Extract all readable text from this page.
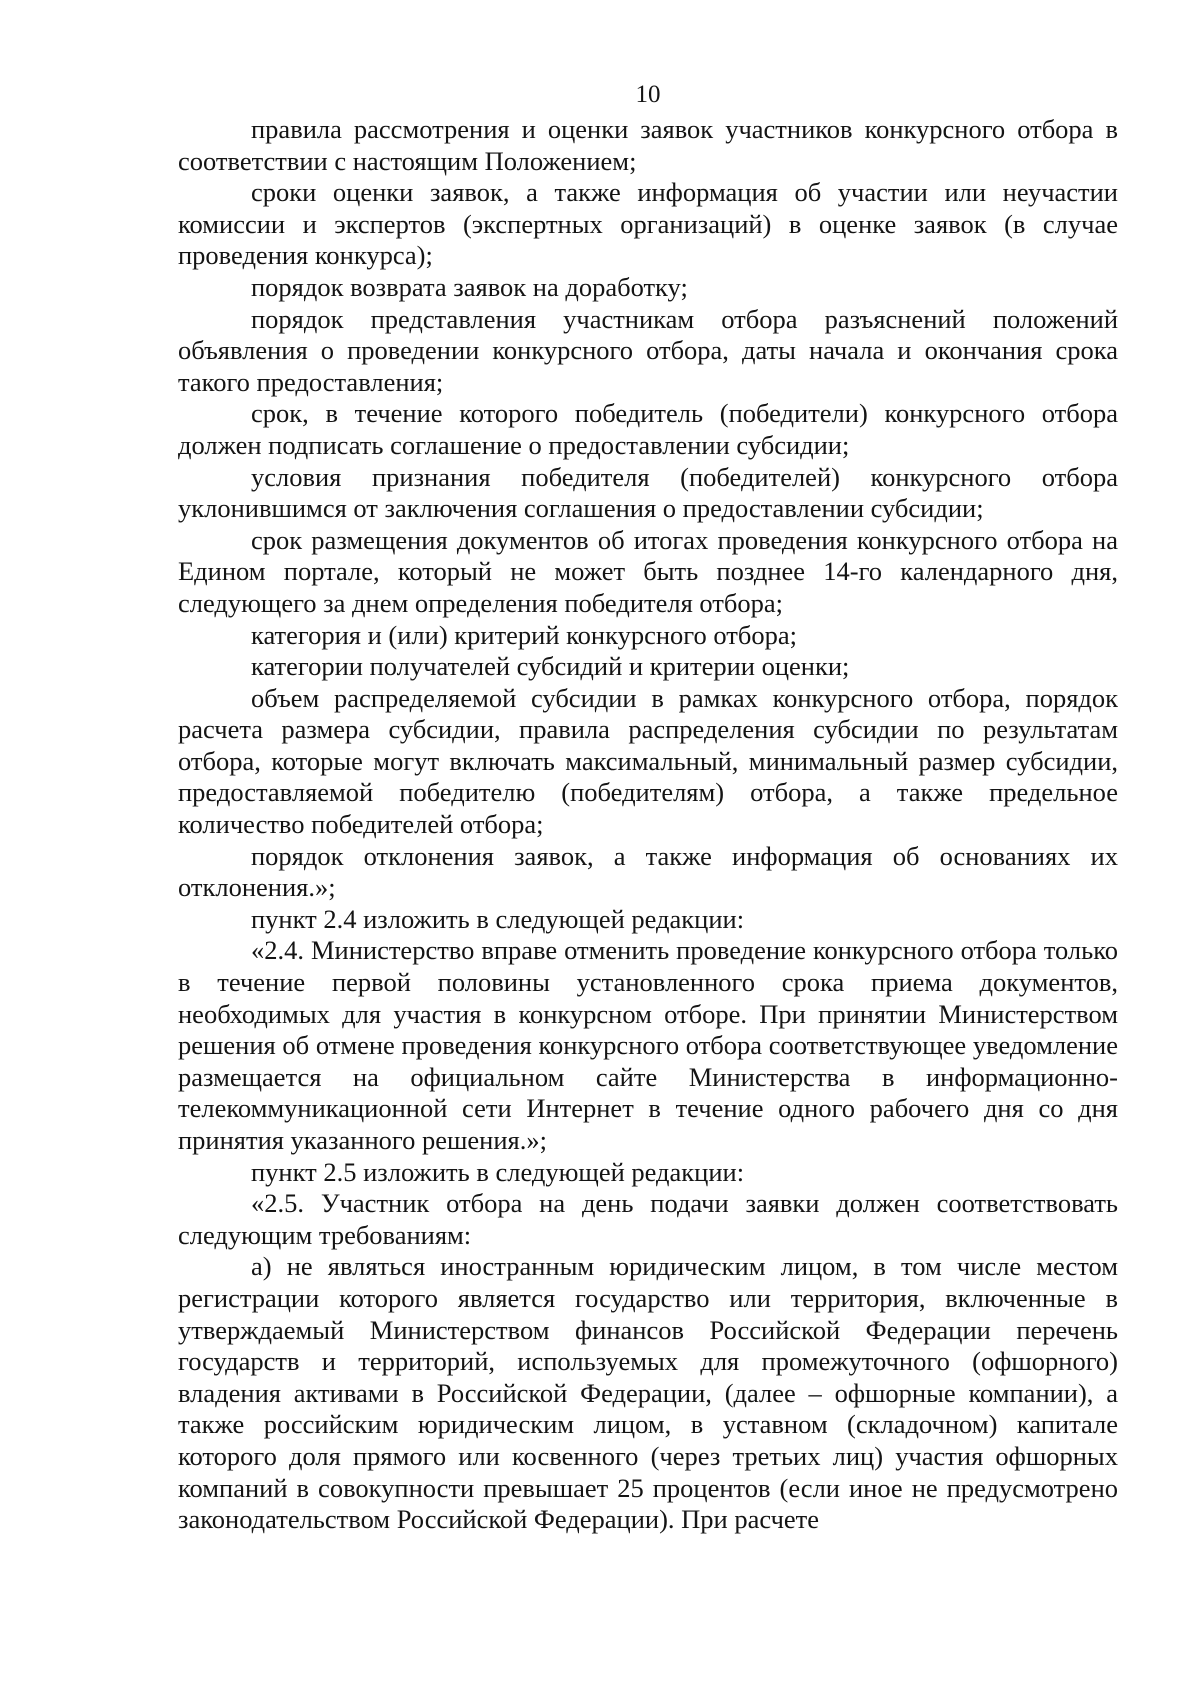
10

правила рассмотрения и оценки заявок участников конкурсного отбора в соответствии с настоящим Положением;

сроки оценки заявок, а также информация об участии или неучастии комиссии и экспертов (экспертных организаций) в оценке заявок (в случае проведения конкурса);

порядок возврата заявок на доработку;

порядок представления участникам отбора разъяснений положений объявления о проведении конкурсного отбора, даты начала и окончания срока такого предоставления;

срок, в течение которого победитель (победители) конкурсного отбора должен подписать соглашение о предоставлении субсидии;

условия признания победителя (победителей) конкурсного отбора уклонившимся от заключения соглашения о предоставлении субсидии;

срок размещения документов об итогах проведения конкурсного отбора на Едином портале, который не может быть позднее 14-го календарного дня, следующего за днем определения победителя отбора;

категория и (или) критерий конкурсного отбора;

категории получателей субсидий и критерии оценки;

объем распределяемой субсидии в рамках конкурсного отбора, порядок расчета размера субсидии, правила распределения субсидии по результатам отбора, которые могут включать максимальный, минимальный размер субсидии, предоставляемой победителю (победителям) отбора, а также предельное количество победителей отбора;

порядок отклонения заявок, а также информация об основаниях их отклонения.»;

пункт 2.4 изложить в следующей редакции:

«2.4. Министерство вправе отменить проведение конкурсного отбора только в течение первой половины установленного срока приема документов, необходимых для участия в конкурсном отборе. При принятии Министерством решения об отмене проведения конкурсного отбора соответствующее уведомление размещается на официальном сайте Министерства в информационно-телекоммуникационной сети Интернет в течение одного рабочего дня со дня принятия указанного решения.»;

пункт 2.5 изложить в следующей редакции:

«2.5. Участник отбора на день подачи заявки должен соответствовать следующим требованиям:

а) не являться иностранным юридическим лицом, в том числе местом регистрации которого является государство или территория, включенные в утверждаемый Министерством финансов Российской Федерации перечень государств и территорий, используемых для промежуточного (офшорного) владения активами в Российской Федерации, (далее – офшорные компании), а также российским юридическим лицом, в уставном (складочном) капитале которого доля прямого или косвенного (через третьих лиц) участия офшорных компаний в совокупности превышает 25 процентов (если иное не предусмотрено законодательством Российской Федерации). При расчете
